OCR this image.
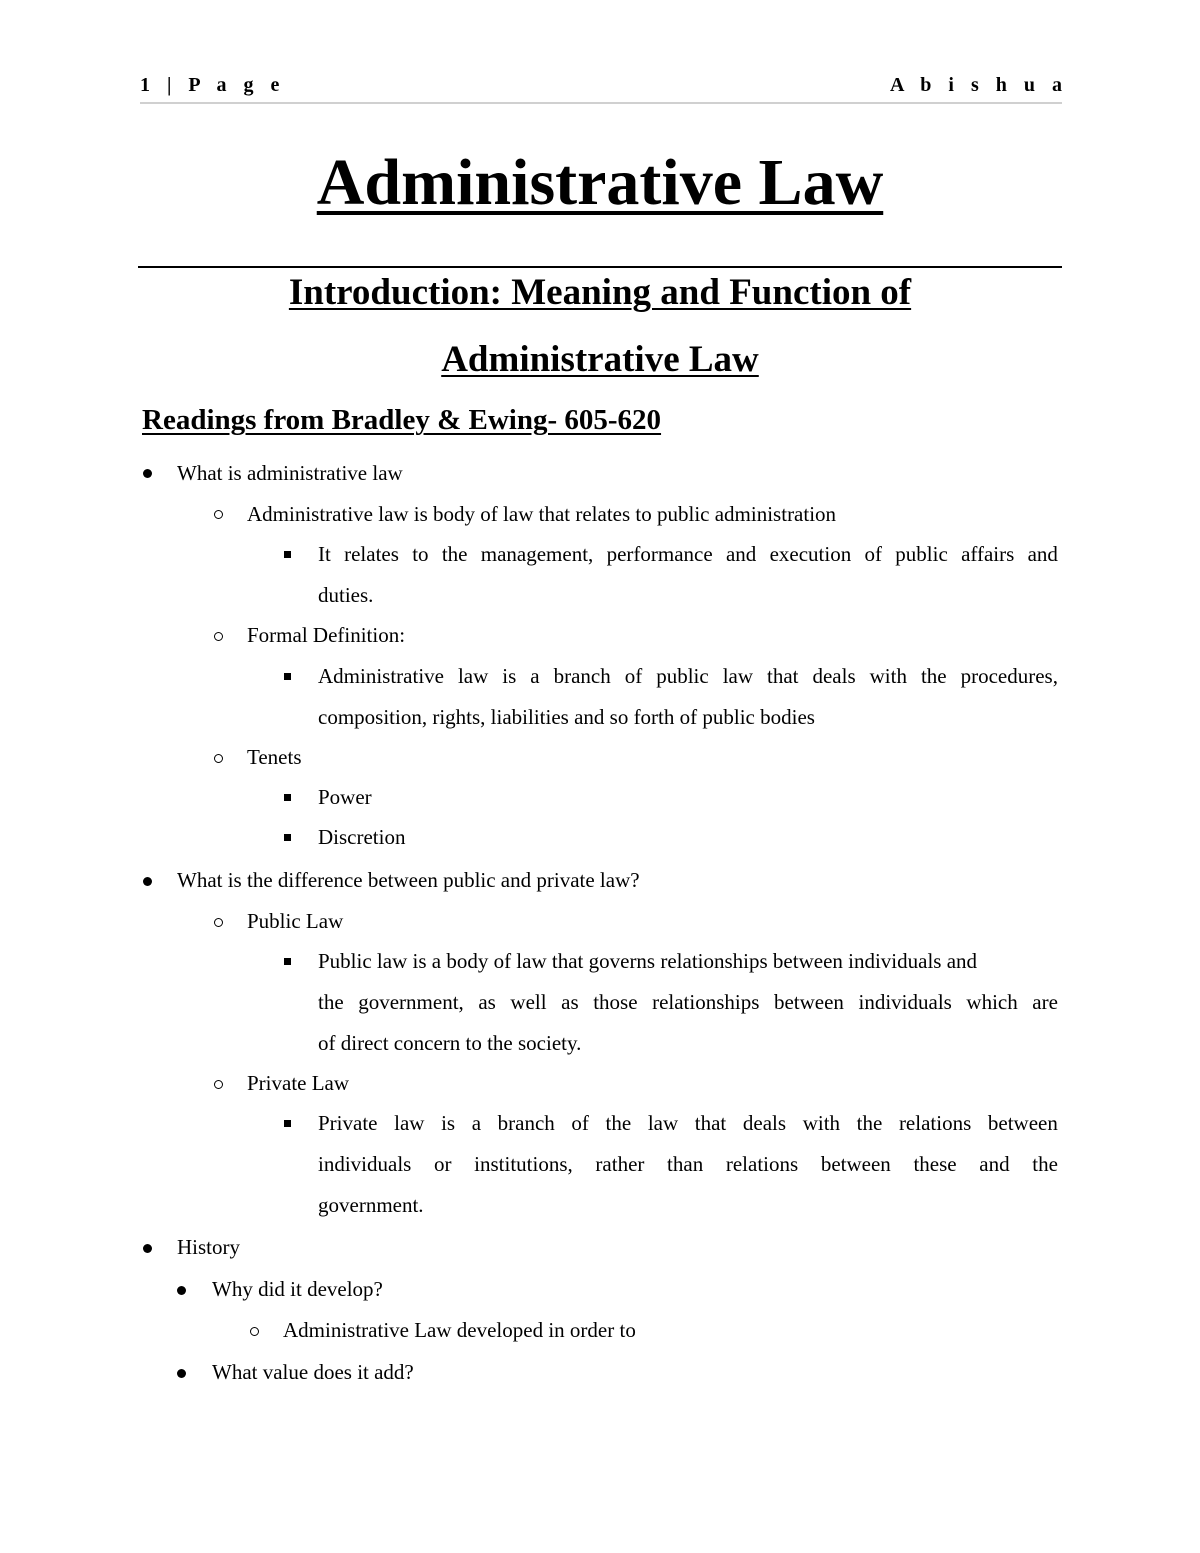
1 | P a g e	A b i s h u a
Administrative Law
Introduction: Meaning and Function of
Administrative Law
Readings from Bradley & Ewing- 605-620
What is administrative law
Administrative law is body of law that relates to public administration
It relates to the management, performance and execution of public affairs and
duties.
Formal Definition:
Administrative law is a branch of public law that deals with the procedures,
composition, rights, liabilities and so forth of public bodies
Tenets
Power
Discretion
What is the difference between public and private law?
Public Law
Public law is a body of law that governs relationships between individuals and
the government, as well as those relationships between individuals which are
of direct concern to the society.
Private Law
Private law is a branch of the law that deals with the relations between
individuals or institutions, rather than relations between these and the
government.
History
Why did it develop?
Administrative Law developed in order to
What value does it add?
